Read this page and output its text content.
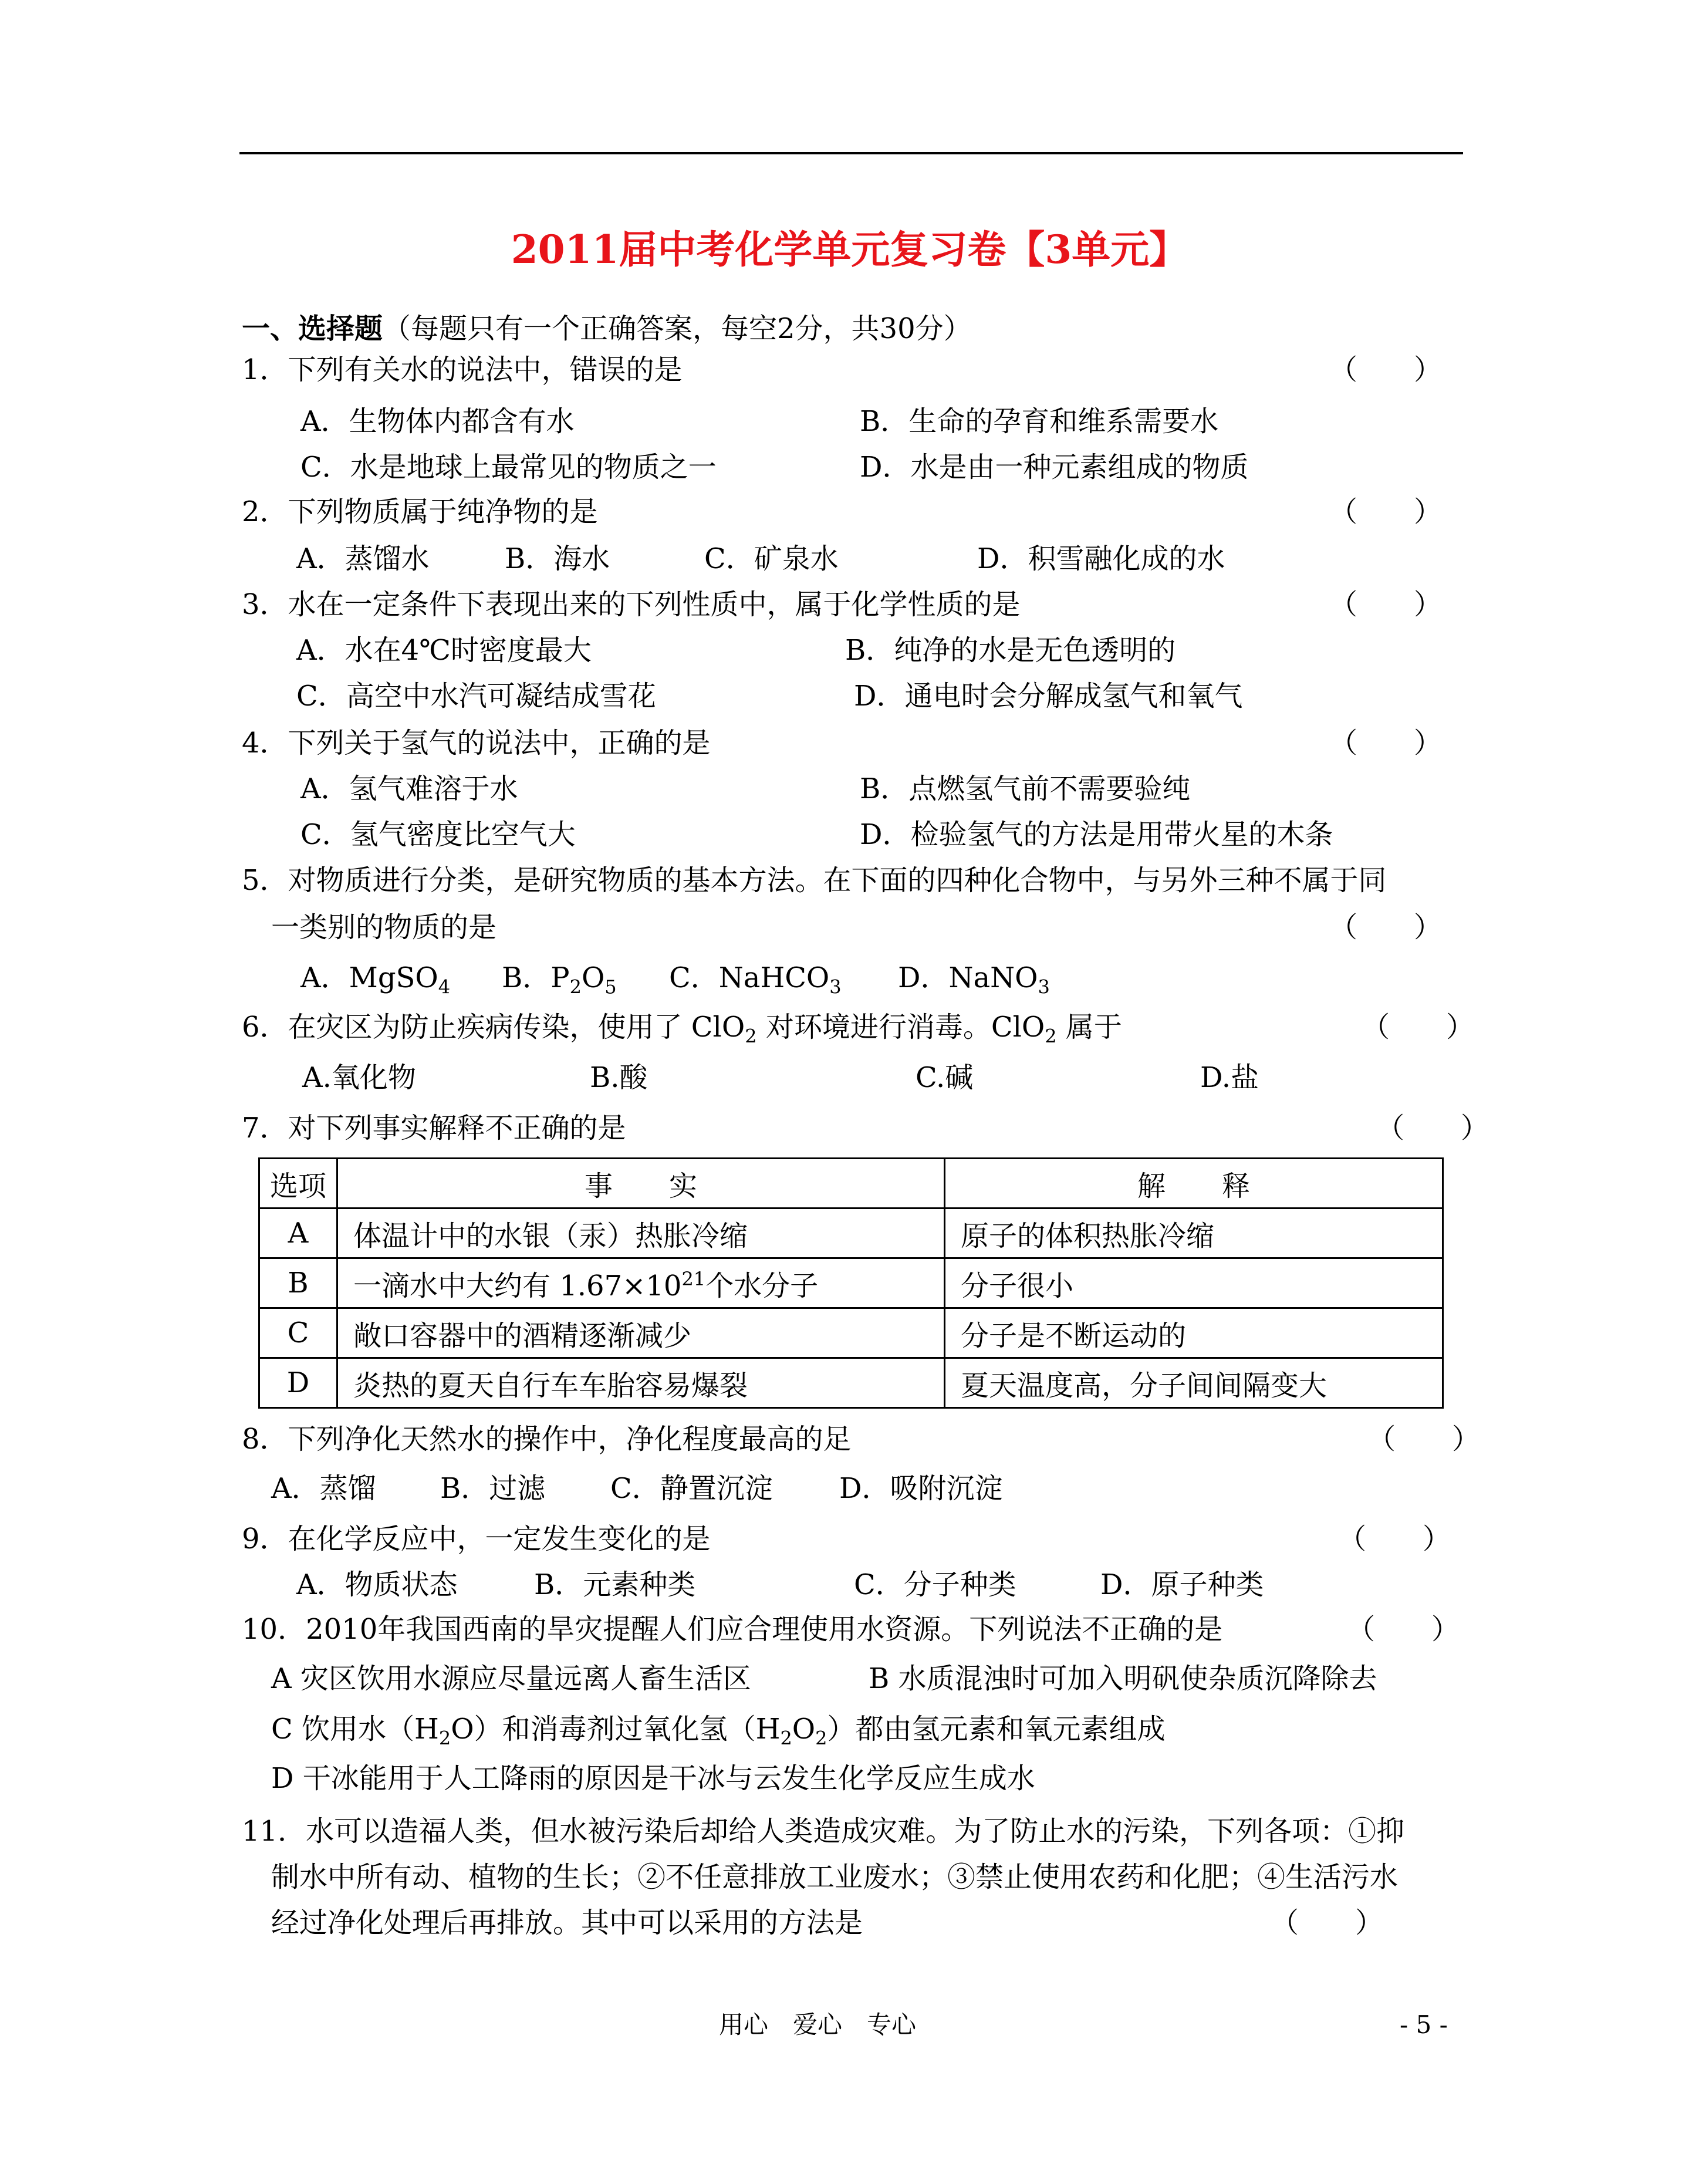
2011届中考化学单元复习卷【3单元】
一、选择题（每题只有一个正确答案，每空2分，共30分）
1．下列有关水的说法中，错误的是	（　　）
A．生物体内都含有水	B．生命的孕育和维系需要水
C．水是地球上最常见的物质之一	D．水是由一种元素组成的物质
2．下列物质属于纯净物的是	（　　）
A．蒸馏水	B．海水	C．矿泉水	D．积雪融化成的水
3．水在一定条件下表现出来的下列性质中，属于化学性质的是	（　　）
A．水在4℃时密度最大	B．纯净的水是无色透明的
C．高空中水汽可凝结成雪花	D．通电时会分解成氢气和氧气
4．下列关于氢气的说法中，正确的是	（　　）
A．氢气难溶于水	B．点燃氢气前不需要验纯
C．氢气密度比空气大	D．检验氢气的方法是用带火星的木条
5．对物质进行分类，是研究物质的基本方法。在下面的四种化合物中，与另外三种不属于同
一类别的物质的是	（　　）
A．MgSO$_4$ B．$P_2O_5$ C．NaHCO$_3$ D．NaNO$_3$
6．在灾区为防止疾病传染，使用了 ClO$_2$ 对环境进行消毒。ClO$_2$ 属于	（　　）
A.氧化物	B.酸	C.碱	D.盐
7．对下列事实解释不正确的是	（　　）
选项	事　　实	解　　释
A	体温计中的水银（汞）热胀冷缩	原子的体积热胀冷缩
B	一滴水中大约有 $1.67\times 10^{21}$个水分子	分子很小
C	敞口容器中的酒精逐渐减少	分子是不断运动的
D	炎热的夏天自行车车胎容易爆裂	夏天温度高，分子间间隔变大
8．下列净化天然水的操作中，净化程度最高的足	（　　）
A．蒸馏 B．过滤 C．静置沉淀 D．吸附沉淀
9．在化学反应中，一定发生变化的是	（　　）
A．物质状态	B．元素种类	C．分子种类	D．原子种类
10．2010年我国西南的旱灾提醒人们应合理使用水资源。下列说法不正确的是	（　　）
A 灾区饮用水源应尽量远离人畜生活区	B 水质混浊时可加入明矾使杂质沉降除去
C 饮用水$(H_2O)$和消毒剂过氧化氢$(H_2O_2)$都由氢元素和氧元素组成
D 干冰能用于人工降雨的原因是干冰与云发生化学反应生成水
11．水可以造福人类，但水被污染后却给人类造成灾难。为了防止水的污染，下列各项：①抑
制水中所有动、植物的生长；②不任意排放工业废水；③禁止使用农药和化肥；④生活污水
经过净化处理后再排放。其中可以采用的方法是	（　　）
用心　爱心　专心	- 5 -
